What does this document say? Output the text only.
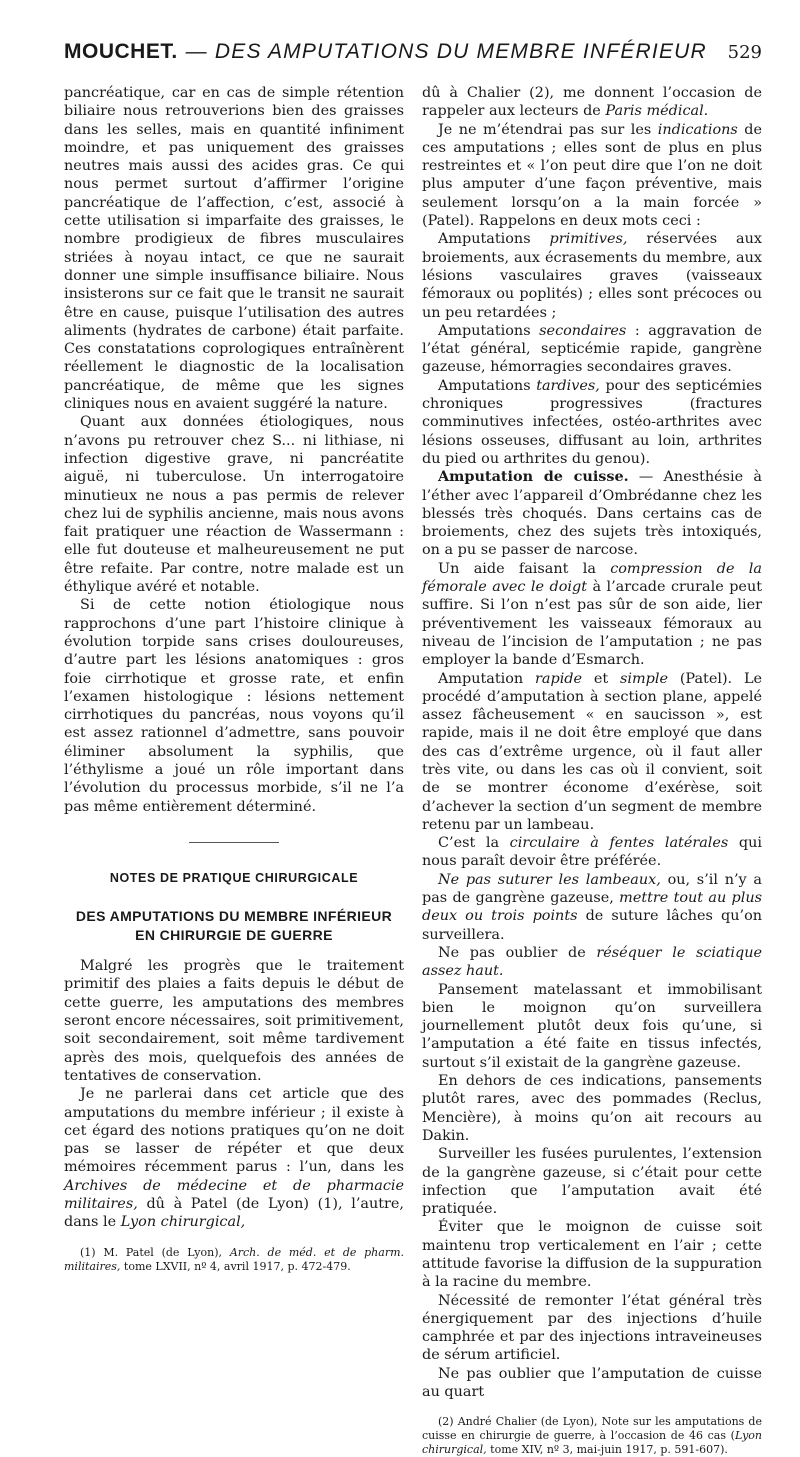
MOUCHET. — DES AMPUTATIONS DU MEMBRE INFÉRIEUR 529

pancréatique, car en cas de simple rétention biliaire nous retrouverions bien des graisses dans les selles, mais en quantité infiniment moindre, et pas uniquement des graisses neutres mais aussi des acides gras. Ce qui nous permet surtout d’affirmer l’origine pancréatique de l’affection, c’est, associé à cette utilisation si imparfaite des graisses, le nombre prodigieux de fibres musculaires striées à noyau intact, ce que ne saurait donner une simple insuffisance biliaire. Nous insisterons sur ce fait que le transit ne saurait être en cause, puisque l’utilisation des autres aliments (hydrates de carbone) était parfaite. Ces constatations coprologiques entraînèrent réellement le diagnostic de la localisation pancréatique, de même que les signes cliniques nous en avaient suggéré la nature.

Quant aux données étiologiques, nous n’avons pu retrouver chez S... ni lithiase, ni infection digestive grave, ni pancréatite aiguë, ni tuberculose. Un interrogatoire minutieux ne nous a pas permis de relever chez lui de syphilis ancienne, mais nous avons fait pratiquer une réaction de Wassermann : elle fut douteuse et malheureusement ne put être refaite. Par contre, notre malade est un éthylique avéré et notable.

Si de cette notion étiologique nous rapprochons d’une part l’histoire clinique à évolution torpide sans crises douloureuses, d’autre part les lésions anatomiques : gros foie cirrhotique et grosse rate, et enfin l’examen histologique : lésions nettement cirrhotiques du pancréas, nous voyons qu’il est assez rationnel d’admettre, sans pouvoir éliminer absolument la syphilis, que l’éthylisme a joué un rôle important dans l’évolution du processus morbide, s’il ne l’a pas même entièrement déterminé.

NOTES DE PRATIQUE CHIRURGICALE
DES AMPUTATIONS DU MEMBRE INFÉRIEUR
EN CHIRURGIE DE GUERRE

Malgré les progrès que le traitement primitif des plaies a faits depuis le début de cette guerre, les amputations des membres seront encore nécessaires, soit primitivement, soit secondairement, soit même tardivement après des mois, quelquefois des années de tentatives de conservation.

Je ne parlerai dans cet article que des amputations du membre inférieur ; il existe à cet égard des notions pratiques qu’on ne doit pas se lasser de répéter et que deux mémoires récemment parus : l’un, dans les Archives de médecine et de pharmacie militaires, dû à Patel (de Lyon) (1), l’autre, dans le Lyon chirurgical,

(1) M. Patel (de Lyon), Arch. de méd. et de pharm. militaires, tome LXVII, nº 4, avril 1917, p. 472-479.

dû à Chalier (2), me donnent l’occasion de rappeler aux lecteurs de Paris médical.

Je ne m’étendrai pas sur les indications de ces amputations ; elles sont de plus en plus restreintes et « l’on peut dire que l’on ne doit plus amputer d’une façon préventive, mais seulement lorsqu’on a la main forcée » (Patel). Rappelons en deux mots ceci :

Amputations primitives, réservées aux broiements, aux écrasements du membre, aux lésions vasculaires graves (vaisseaux fémoraux ou poplités) ; elles sont précoces ou un peu retardées ;

Amputations secondaires : aggravation de l’état général, septicémie rapide, gangrène gazeuse, hémorragies secondaires graves.

Amputations tardives, pour des septicémies chroniques progressives (fractures comminutives infectées, ostéo-arthrites avec lésions osseuses, diffusant au loin, arthrites du pied ou arthrites du genou).

Amputation de cuisse. — Anesthésie à l’éther avec l’appareil d’Ombrédanne chez les blessés très choqués. Dans certains cas de broiements, chez des sujets très intoxiqués, on a pu se passer de narcose.

Un aide faisant la compression de la fémorale avec le doigt à l’arcade crurale peut suffire. Si l’on n’est pas sûr de son aide, lier préventivement les vaisseaux fémoraux au niveau de l’incision de l’amputation ; ne pas employer la bande d’Esmarch.

Amputation rapide et simple (Patel). Le procédé d’amputation à section plane, appelé assez fâcheusement « en saucisson », est rapide, mais il ne doit être employé que dans des cas d’extrême urgence, où il faut aller très vite, ou dans les cas où il convient, soit de se montrer économe d’exérèse, soit d’achever la section d’un segment de membre retenu par un lambeau.

C’est la circulaire à fentes latérales qui nous paraît devoir être préférée.

Ne pas suturer les lambeaux, ou, s’il n’y a pas de gangrène gazeuse, mettre tout au plus deux ou trois points de suture lâches qu’on surveillera.

Ne pas oublier de réséquer le sciatique assez haut.

Pansement matelassant et immobilisant bien le moignon qu’on surveillera journellement plutôt deux fois qu’une, si l’amputation a été faite en tissus infectés, surtout s’il existait de la gangrène gazeuse.

En dehors de ces indications, pansements plutôt rares, avec des pommades (Reclus, Mencière), à moins qu’on ait recours au Dakin.

Surveiller les fusées purulentes, l’extension de la gangrène gazeuse, si c’était pour cette infection que l’amputation avait été pratiquée.

Éviter que le moignon de cuisse soit maintenu trop verticalement en l’air ; cette attitude favorise la diffusion de la suppuration à la racine du membre.

Nécessité de remonter l’état général très énergiquement par des injections d’huile camphrée et par des injections intraveineuses de sérum artificiel.

Ne pas oublier que l’amputation de cuisse au quart

(2) André Chalier (de Lyon), Note sur les amputations de cuisse en chirurgie de guerre, à l’occasion de 46 cas (Lyon chirurgical, tome XIV, nº 3, mai-juin 1917, p. 591-607).
